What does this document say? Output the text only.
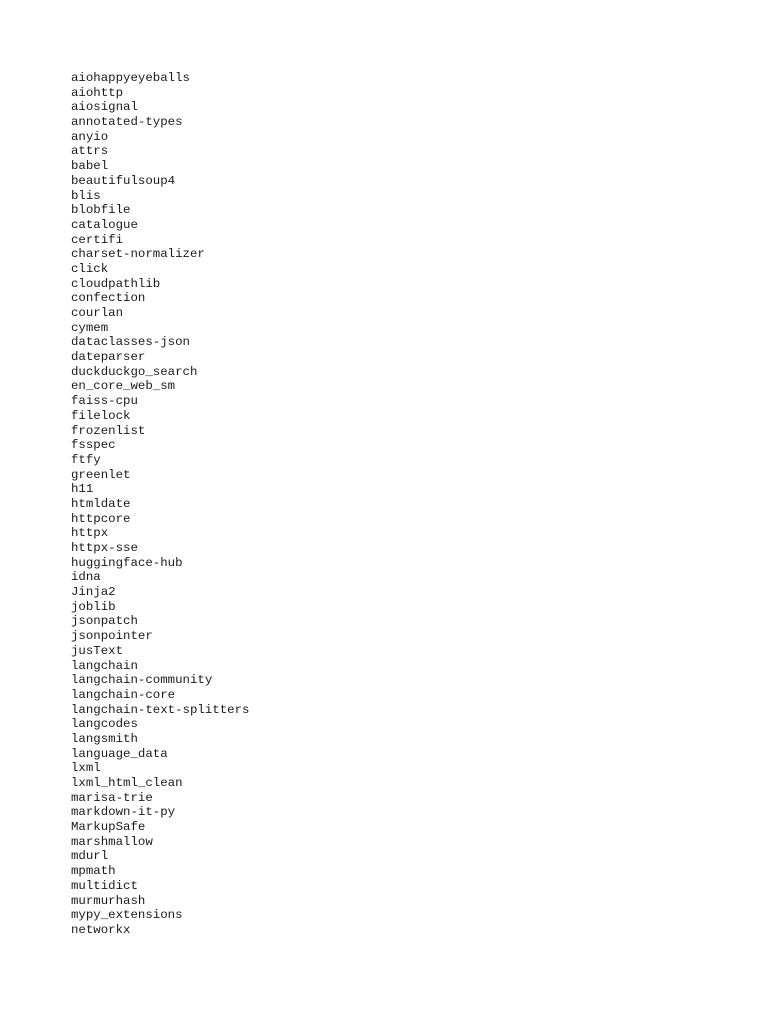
aiohappyeyeballs
aiohttp
aiosignal
annotated-types
anyio
attrs
babel
beautifulsoup4
blis
blobfile
catalogue
certifi
charset-normalizer
click
cloudpathlib
confection
courlan
cymem
dataclasses-json
dateparser
duckduckgo_search
en_core_web_sm
faiss-cpu
filelock
frozenlist
fsspec
ftfy
greenlet
h11
htmldate
httpcore
httpx
httpx-sse
huggingface-hub
idna
Jinja2
joblib
jsonpatch
jsonpointer
jusText
langchain
langchain-community
langchain-core
langchain-text-splitters
langcodes
langsmith
language_data
lxml
lxml_html_clean
marisa-trie
markdown-it-py
MarkupSafe
marshmallow
mdurl
mpmath
multidict
murmurhash
mypy_extensions
networkx
